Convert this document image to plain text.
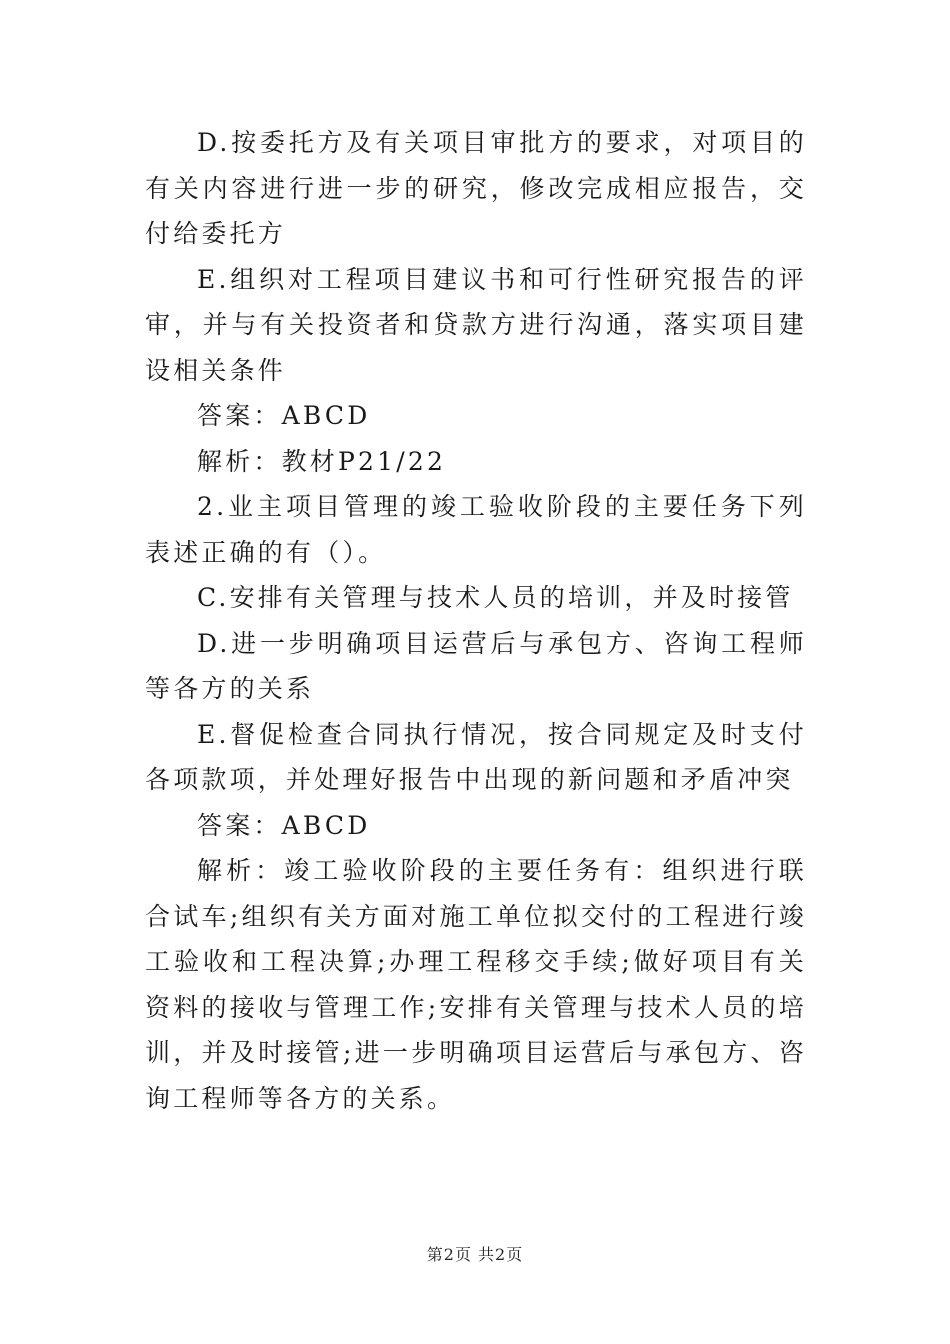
D.按委托方及有关项目审批方的要求，对项目的有关内容进行进一步的研究，修改完成相应报告，交付给委托方

E.组织对工程项目建议书和可行性研究报告的评审，并与有关投资者和贷款方进行沟通，落实项目建设相关条件

答案：ABCD

解析：教材P21/22

2.业主项目管理的竣工验收阶段的主要任务下列表述正确的有（）。

C.安排有关管理与技术人员的培训，并及时接管

D.进一步明确项目运营后与承包方、咨询工程师等各方的关系

E.督促检查合同执行情况，按合同规定及时支付各项款项，并处理好报告中出现的新问题和矛盾冲突

答案：ABCD

解析：竣工验收阶段的主要任务有：组织进行联合试车;组织有关方面对施工单位拟交付的工程进行竣工验收和工程决算;办理工程移交手续;做好项目有关资料的接收与管理工作;安排有关管理与技术人员的培训，并及时接管;进一步明确项目运营后与承包方、咨询工程师等各方的关系。

第2页 共2页
